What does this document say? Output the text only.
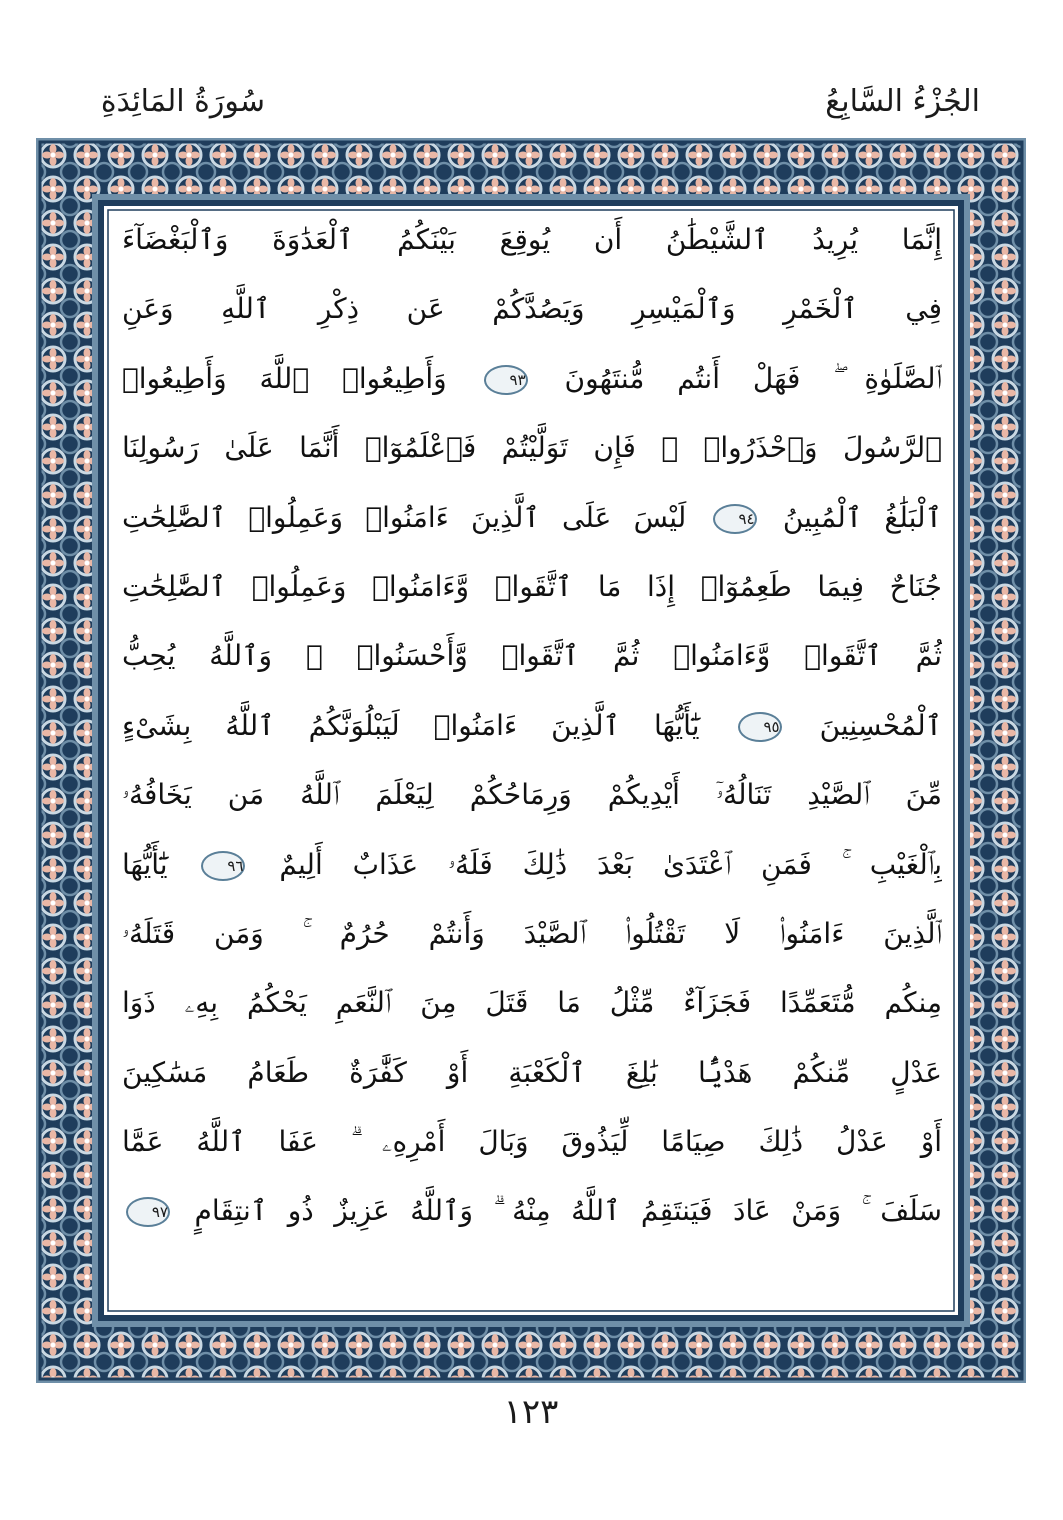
الجُزْءُ السَّابِعُ
سُورَةُ المَائِدَةِ
إِنَّمَا يُرِيدُ ٱلشَّيْطَٰنُ أَن يُوقِعَ بَيْنَكُمُ ٱلْعَدَٰوَةَ وَٱلْبَغْضَآءَ
فِي ٱلْخَمْرِ وَٱلْمَيْسِرِ وَيَصُدَّكُمْ عَن ذِكْرِ ٱللَّهِ وَعَنِ
ٱلصَّلَوٰةِ ۖ فَهَلْ أَنتُم مُّنتَهُونَ ٩٣ وَأَطِيعُوا۟ ٱللَّهَ وَأَطِيعُوا۟
ٱلرَّسُولَ وَٱحْذَرُوا۟ ۚ فَإِن تَوَلَّيْتُمْ فَٱعْلَمُوٓا۟ أَنَّمَا عَلَىٰ رَسُولِنَا
ٱلْبَلَٰغُ ٱلْمُبِينُ ٩٤ لَيْسَ عَلَى ٱلَّذِينَ ءَامَنُوا۟ وَعَمِلُوا۟ ٱلصَّٰلِحَٰتِ
جُنَاحٌ فِيمَا طَعِمُوٓا۟ إِذَا مَا ٱتَّقَوا۟ وَّءَامَنُوا۟ وَعَمِلُوا۟ ٱلصَّٰلِحَٰتِ
ثُمَّ ٱتَّقَوا۟ وَّءَامَنُوا۟ ثُمَّ ٱتَّقَوا۟ وَّأَحْسَنُوا۟ ۗ وَٱللَّهُ يُحِبُّ
ٱلْمُحْسِنِينَ ٩٥ يَٰٓأَيُّهَا ٱلَّذِينَ ءَامَنُوا۟ لَيَبْلُوَنَّكُمُ ٱللَّهُ بِشَىْءٍ
مِّنَ ٱلصَّيْدِ تَنَالُهُۥٓ أَيْدِيكُمْ وَرِمَاحُكُمْ لِيَعْلَمَ ٱللَّهُ مَن يَخَافُهُۥ
بِٱلْغَيْبِ ۚ فَمَنِ ٱعْتَدَىٰ بَعْدَ ذَٰلِكَ فَلَهُۥ عَذَابٌ أَلِيمٌ ٩٦ يَٰٓأَيُّهَا
ٱلَّذِينَ ءَامَنُوا۟ لَا تَقْتُلُوا۟ ٱلصَّيْدَ وَأَنتُمْ حُرُمٌ ۚ وَمَن قَتَلَهُۥ
مِنكُم مُّتَعَمِّدًا فَجَزَآءٌ مِّثْلُ مَا قَتَلَ مِنَ ٱلنَّعَمِ يَحْكُمُ بِهِۦ ذَوَا
عَدْلٍ مِّنكُمْ هَدْيًۢا بَٰلِغَ ٱلْكَعْبَةِ أَوْ كَفَّٰرَةٌ طَعَامُ مَسَٰكِينَ
أَوْ عَدْلُ ذَٰلِكَ صِيَامًا لِّيَذُوقَ وَبَالَ أَمْرِهِۦ ۗ عَفَا ٱللَّهُ عَمَّا
سَلَفَ ۚ وَمَنْ عَادَ فَيَنتَقِمُ ٱللَّهُ مِنْهُ ۗ وَٱللَّهُ عَزِيزٌ ذُو ٱنتِقَامٍ ٩٧
١٢٣
